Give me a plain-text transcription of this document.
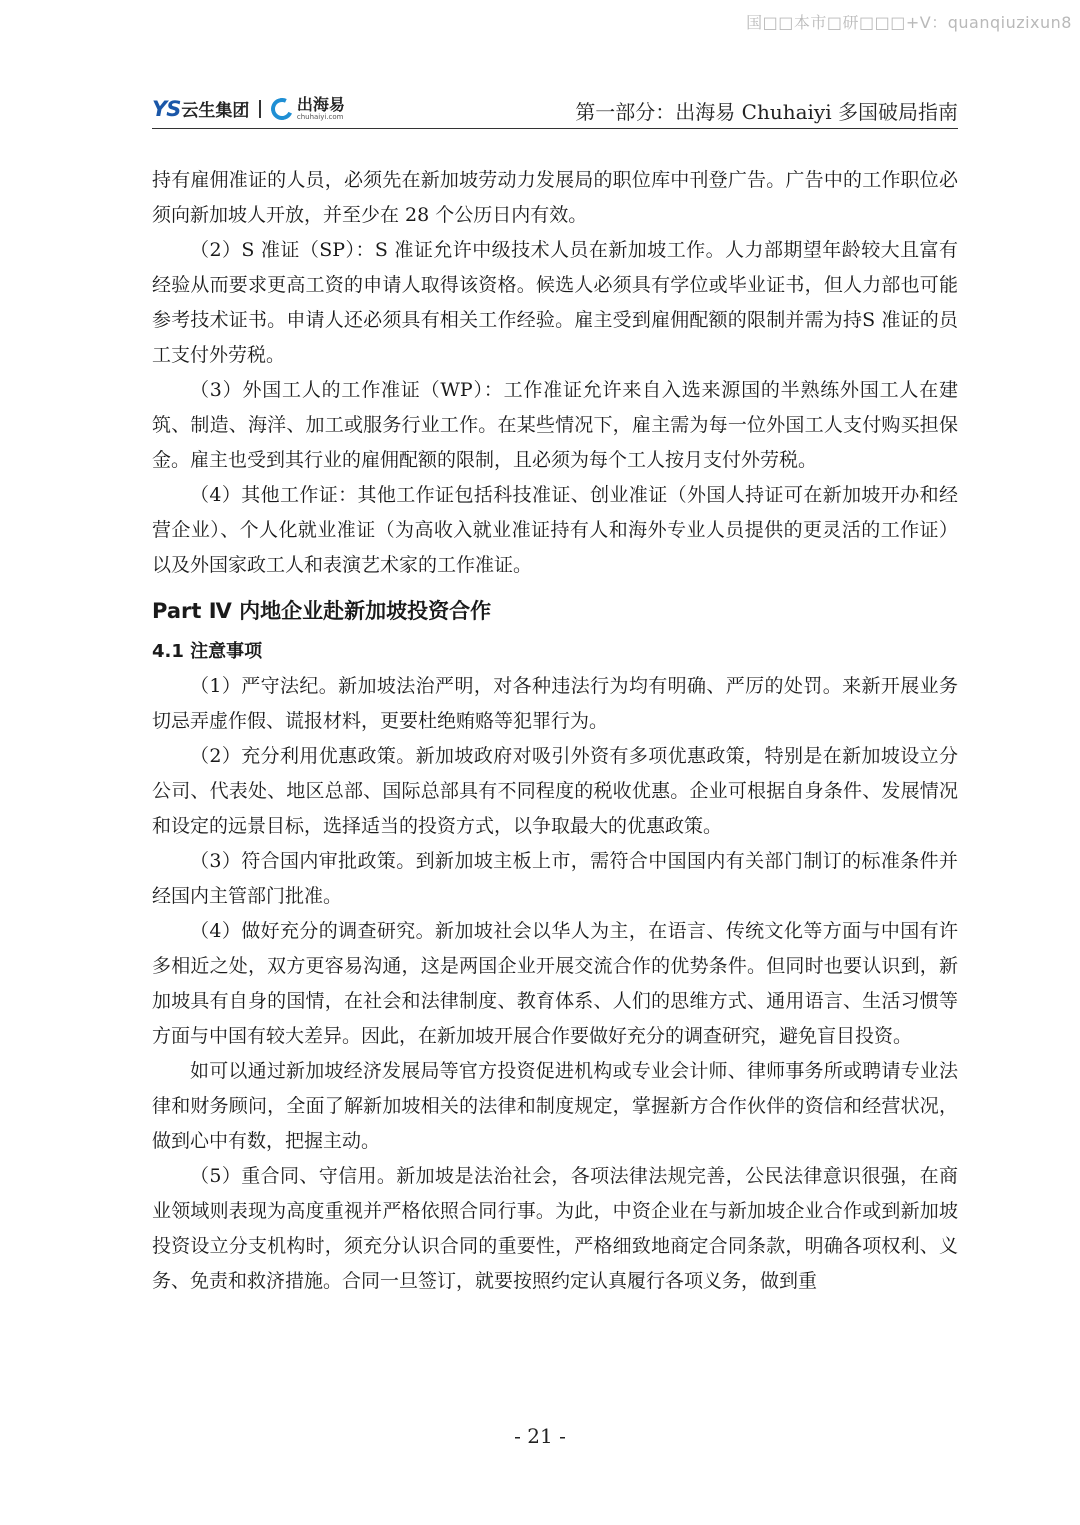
国□□本市□研□□□+V：quanqiuzixun8
YS 云生集团	出海易
chuhaiyi.com	第一部分：出海易 Chuhaiyi 多国破局指南

持有雇佣准证的人员，必须先在新加坡劳动力发展局的职位库中刊登广告。广告中的工作职位必须向新加坡人开放，并至少在 28 个公历日内有效。

（2）S 准证（SP）：S 准证允许中级技术人员在新加坡工作。人力部期望年龄较大且富有经验从而要求更高工资的申请人取得该资格。候选人必须具有学位或毕业证书，但人力部也可能参考技术证书。申请人还必须具有相关工作经验。雇主受到雇佣配额的限制并需为持S 准证的员工支付外劳税。

（3）外国工人的工作准证（WP）：工作准证允许来自入选来源国的半熟练外国工人在建筑、制造、海洋、加工或服务行业工作。在某些情况下，雇主需为每一位外国工人支付购买担保金。雇主也受到其行业的雇佣配额的限制，且必须为每个工人按月支付外劳税。

（4）其他工作证：其他工作证包括科技准证、创业准证（外国人持证可在新加坡开办和经营企业）、个人化就业准证（为高收入就业准证持有人和海外专业人员提供的更灵活的工作证）以及外国家政工人和表演艺术家的工作准证。

Part Ⅳ 内地企业赴新加坡投资合作
4.1 注意事项

（1）严守法纪。新加坡法治严明，对各种违法行为均有明确、严厉的处罚。来新开展业务切忌弄虚作假、谎报材料，更要杜绝贿赂等犯罪行为。

（2）充分利用优惠政策。新加坡政府对吸引外资有多项优惠政策，特别是在新加坡设立分公司、代表处、地区总部、国际总部具有不同程度的税收优惠。企业可根据自身条件、发展情况和设定的远景目标，选择适当的投资方式，以争取最大的优惠政策。

（3）符合国内审批政策。到新加坡主板上市，需符合中国国内有关部门制订的标准条件并经国内主管部门批准。

（4）做好充分的调查研究。新加坡社会以华人为主，在语言、传统文化等方面与中国有许多相近之处，双方更容易沟通，这是两国企业开展交流合作的优势条件。但同时也要认识到，新加坡具有自身的国情，在社会和法律制度、教育体系、人们的思维方式、通用语言、生活习惯等方面与中国有较大差异。因此，在新加坡开展合作要做好充分的调查研究，避免盲目投资。

如可以通过新加坡经济发展局等官方投资促进机构或专业会计师、律师事务所或聘请专业法律和财务顾问，全面了解新加坡相关的法律和制度规定，掌握新方合作伙伴的资信和经营状况，做到心中有数，把握主动。

（5）重合同、守信用。新加坡是法治社会，各项法律法规完善，公民法律意识很强，在商业领域则表现为高度重视并严格依照合同行事。为此，中资企业在与新加坡企业合作或到新加坡投资设立分支机构时，须充分认识合同的重要性，严格细致地商定合同条款，明确各项权利、义务、免责和救济措施。合同一旦签订，就要按照约定认真履行各项义务，做到重

- 21 -
